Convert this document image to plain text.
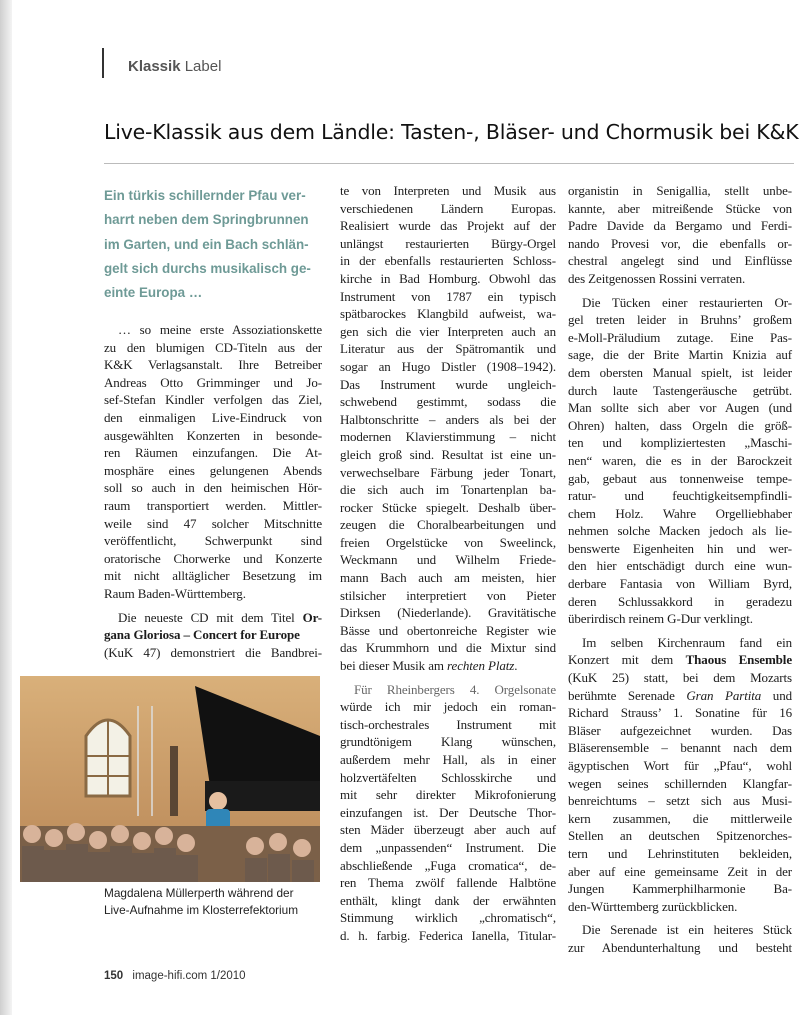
Klassik Label
Live-Klassik aus dem Ländle: Tasten-, Bläser- und Chormusik bei K&K
Ein türkis schillernder Pfau ver-
harrt neben dem Springbrunnen
im Garten, und ein Bach schlän-
gelt sich durchs musikalisch ge-
einte Europa …
… so meine erste Assoziationskette
zu den blumigen CD-Titeln aus der
K&K Verlagsanstalt. Ihre Betreiber
Andreas Otto Grimminger und Jo-
sef-Stefan Kindler verfolgen das Ziel,
den einmaligen Live-Eindruck von
ausgewählten Konzerten in besonde-
ren Räumen einzufangen. Die At-
mosphäre eines gelungenen Abends
soll so auch in den heimischen Hör-
raum transportiert werden. Mittler-
weile sind 47 solcher Mitschnitte
veröffentlicht, Schwerpunkt sind
oratorische Chorwerke und Konzerte
mit nicht alltäglicher Besetzung im
Raum Baden-Württemberg.
Die neueste CD mit dem Titel Or-
gana Gloriosa – Concert for Europe
(KuK 47) demonstriert die Bandbrei-
Magdalena Müllerperth während der
Live-Aufnahme im Klosterrefektorium
te von Interpreten und Musik aus
verschiedenen Ländern Europas.
Realisiert wurde das Projekt auf der
unlängst restaurierten Bürgy-Orgel
in der ebenfalls restaurierten Schloss-
kirche in Bad Homburg. Obwohl das
Instrument von 1787 ein typisch
spätbarockes Klangbild aufweist, wa-
gen sich die vier Interpreten auch an
Literatur aus der Spätromantik und
sogar an Hugo Distler (1908–1942).
Das Instrument wurde ungleich-
schwebend gestimmt, sodass die
Halbtonschritte – anders als bei der
modernen Klavierstimmung – nicht
gleich groß sind. Resultat ist eine un-
verwechselbare Färbung jeder Tonart,
die sich auch im Tonartenplan ba-
rocker Stücke spiegelt. Deshalb über-
zeugen die Choralbearbeitungen und
freien Orgelstücke von Sweelinck,
Weckmann und Wilhelm Friede-
mann Bach auch am meisten, hier
stilsicher interpretiert von Pieter
Dirksen (Niederlande). Gravitätische
Bässe und obertonreiche Register wie
das Krummhorn und die Mixtur sind
bei dieser Musik am rechten Platz.
Für Rheinbergers 4. Orgelsonate
würde ich mir jedoch ein roman-
tisch-orchestrales Instrument mit
grundtönigem Klang wünschen,
außerdem mehr Hall, als in einer
holzvertäfelten Schlosskirche und
mit sehr direkter Mikrofonierung
einzufangen ist. Der Deutsche Thor-
sten Mäder überzeugt aber auch auf
dem „unpassenden“ Instrument. Die
abschließende „Fuga cromatica“, de-
ren Thema zwölf fallende Halbtöne
enthält, klingt dank der erwähnten
Stimmung wirklich „chromatisch“,
d. h. farbig. Federica Ianella, Titular-
organistin in Senigallia, stellt unbe-
kannte, aber mitreißende Stücke von
Padre Davide da Bergamo und Ferdi-
nando Provesi vor, die ebenfalls or-
chestral angelegt sind und Einflüsse
des Zeitgenossen Rossini verraten.
Die Tücken einer restaurierten Or-
gel treten leider in Bruhns’ großem
e-Moll-Präludium zutage. Eine Pas-
sage, die der Brite Martin Knizia auf
dem obersten Manual spielt, ist leider
durch laute Tastengeräusche getrübt.
Man sollte sich aber vor Augen (und
Ohren) halten, dass Orgeln die größ-
ten und kompliziertesten „Maschi-
nen“ waren, die es in der Barockzeit
gab, gebaut aus tonnenweise tempe-
ratur- und feuchtigkeitsempfindli-
chem Holz. Wahre Orgelliebhaber
nehmen solche Macken jedoch als lie-
benswerte Eigenheiten hin und wer-
den hier entschädigt durch eine wun-
derbare Fantasia von William Byrd,
deren Schlussakkord in geradezu
überirdisch reinem G-Dur verklingt.
Im selben Kirchenraum fand ein
Konzert mit dem Thaous Ensemble
(KuK 25) statt, bei dem Mozarts
berühmte Serenade Gran Partita und
Richard Strauss’ 1. Sonatine für 16
Bläser aufgezeichnet wurden. Das
Bläserensemble – benannt nach dem
ägyptischen Wort für „Pfau“, wohl
wegen seines schillernden Klangfar-
benreichtums – setzt sich aus Musi-
kern zusammen, die mittlerweile
Stellen an deutschen Spitzenorches-
tern und Lehrinstituten bekleiden,
aber auf eine gemeinsame Zeit in der
Jungen Kammerphilharmonie Ba-
den-Württemberg zurückblicken.
Die Serenade ist ein heiteres Stück
zur Abendunterhaltung und besteht
150 image-hifi.com 1/2010
